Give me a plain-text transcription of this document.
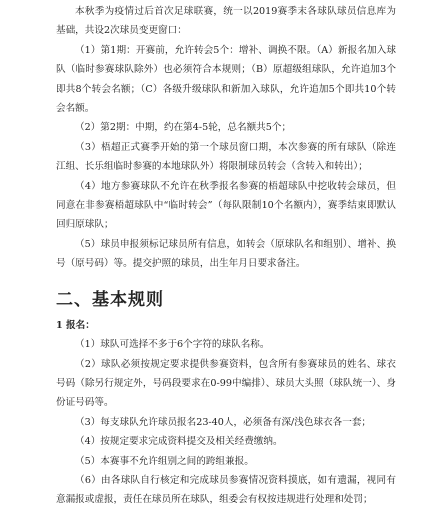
本秋季为疫情过后首次足球联赛，统一以2019赛季末各球队球员信息库为基础，共设2次球员变更窗口：

（1）第1期：开赛前，允许转会5个：增补、调换不限。（A）新报名加入球队（临时参赛球队除外）也必须符合本规则；（B）原超级组球队，允许追加3个即共8个转会名额；（C）各级升级球队和新加入球队，允许追加5个即共10个转会名额。

（2）第2期：中期，约在第4-5轮，总名额共5个；

（3）梧超正式赛季开始的第一个球员窗口期，本次参赛的所有球队（除连江组、长乐组临时参赛的本地球队外）将限制球员转会（含转入和转出）；

（4）地方参赛球队不允许在秋季报名参赛的梧超球队中挖收转会球员，但同意在非参赛梧超球队中“临时转会”（每队限制10个名额内），赛季结束即默认回归原球队；

（5）球员申报须标记球员所有信息，如转会（原球队名和组别）、增补、换号（原号码）等。提交护照的球员，出生年月日要求备注。

二、基本规则

1 报名：

（1）球队可选择不多于6个字符的球队名称。

（2）球队必须按规定要求提供参赛资料，包含所有参赛球员的姓名、球衣号码（除另行规定外，号码段要求在0-99中编排）、球员大头照（球队统一）、身份证号码等。

（3）每支球队允许球员报名23-40人，必须备有深/浅色球衣各一套；

（4）按规定要求完成资料提交及相关经费缴纳。

（5）本赛事不允许组别之间的跨组兼报。

（6）由各球队自行核定和完成球员参赛情况资料摸底，如有遗漏，视同有意漏报或虚报，责任在球员所在球队，组委会有权按违规进行处理和处罚；
